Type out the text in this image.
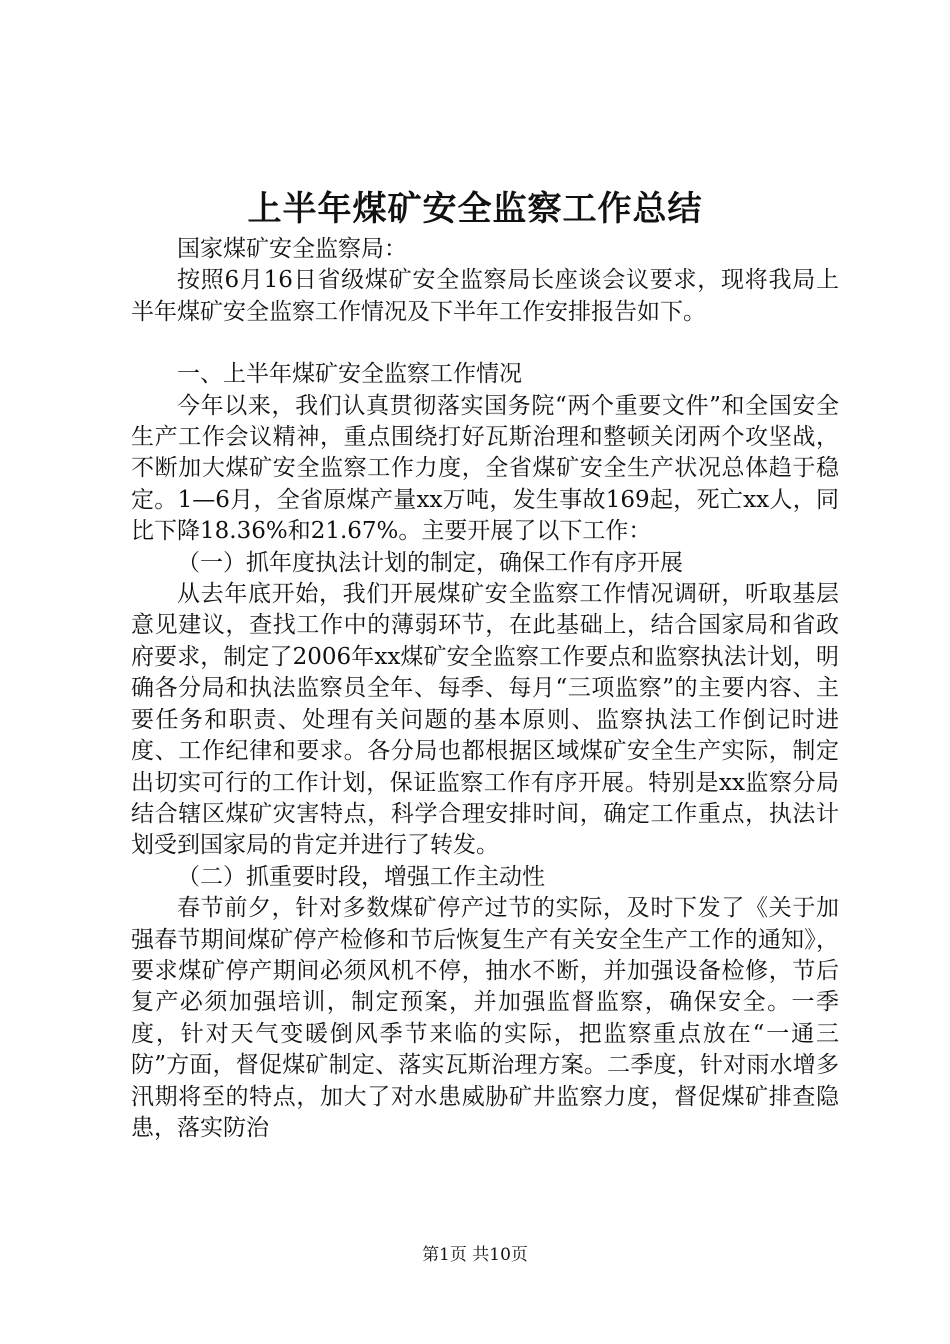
上半年煤矿安全监察工作总结

国家煤矿安全监察局：

按照6月16日省级煤矿安全监察局长座谈会议要求，现将我局上半年煤矿安全监察工作情况及下半年工作安排报告如下。

一、上半年煤矿安全监察工作情况

今年以来，我们认真贯彻落实国务院“两个重要文件”和全国安全生产工作会议精神，重点围绕打好瓦斯治理和整顿关闭两个攻坚战，不断加大煤矿安全监察工作力度，全省煤矿安全生产状况总体趋于稳定。1—6月，全省原煤产量xx万吨，发生事故169起，死亡xx人，同比下降18.36%和21.67%。主要开展了以下工作：

（一）抓年度执法计划的制定，确保工作有序开展

从去年底开始，我们开展煤矿安全监察工作情况调研，听取基层意见建议，查找工作中的薄弱环节，在此基础上，结合国家局和省政府要求，制定了2006年xx煤矿安全监察工作要点和监察执法计划，明确各分局和执法监察员全年、每季、每月“三项监察”的主要内容、主要任务和职责、处理有关问题的基本原则、监察执法工作倒记时进度、工作纪律和要求。各分局也都根据区域煤矿安全生产实际，制定出切实可行的工作计划，保证监察工作有序开展。特别是xx监察分局结合辖区煤矿灾害特点，科学合理安排时间，确定工作重点，执法计划受到国家局的肯定并进行了转发。

（二）抓重要时段，增强工作主动性

春节前夕，针对多数煤矿停产过节的实际，及时下发了《关于加强春节期间煤矿停产检修和节后恢复生产有关安全生产工作的通知》，要求煤矿停产期间必须风机不停，抽水不断，并加强设备检修，节后复产必须加强培训，制定预案，并加强监督监察，确保安全。一季度，针对天气变暖倒风季节来临的实际，把监察重点放在“一通三防”方面，督促煤矿制定、落实瓦斯治理方案。二季度，针对雨水增多汛期将至的特点，加大了对水患威胁矿井监察力度，督促煤矿排查隐患，落实防治

第1页 共10页
